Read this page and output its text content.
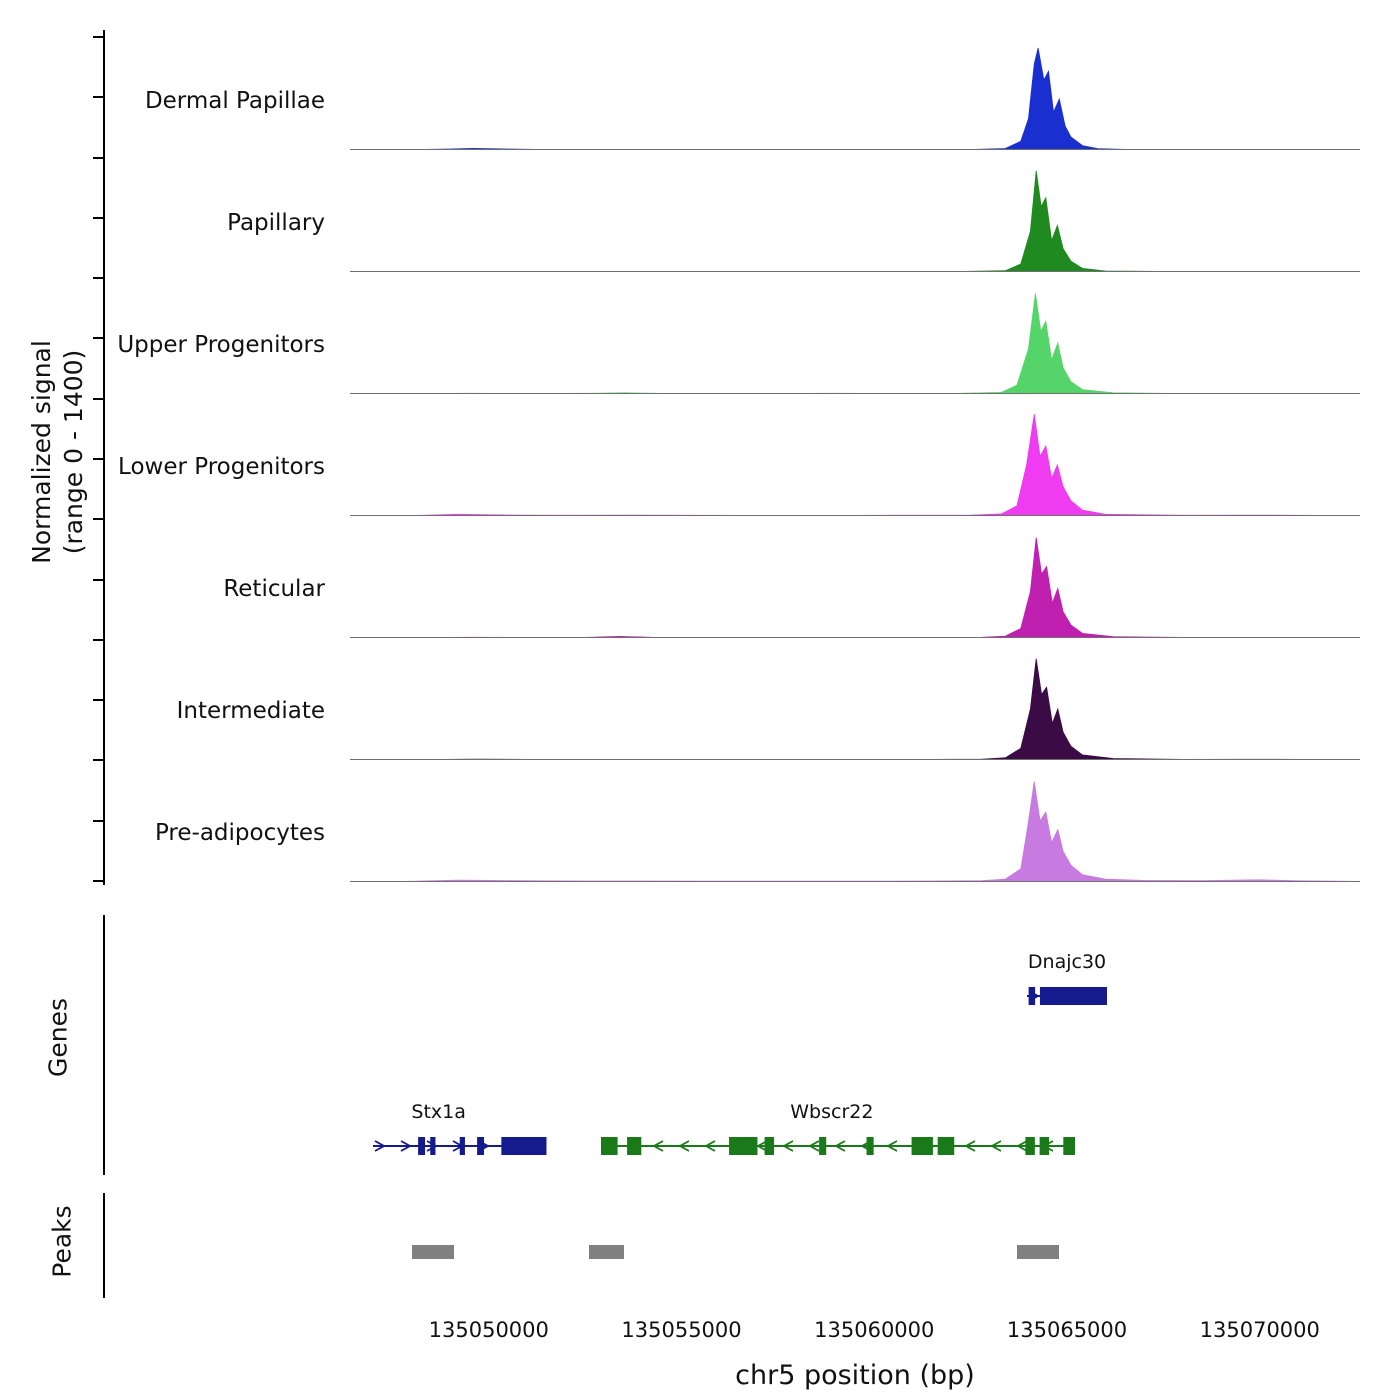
Normalized signal (range 0 - 1400)
Dermal Papillae
Papillary
Upper Progenitors
Lower Progenitors
Reticular
Intermediate
Pre-adipocytes
Genes
Dnajc30
Stx1a	Wbscr22
Peaks
135050000	135055000	135060000	135065000	135070000
chr5 position (bp)
